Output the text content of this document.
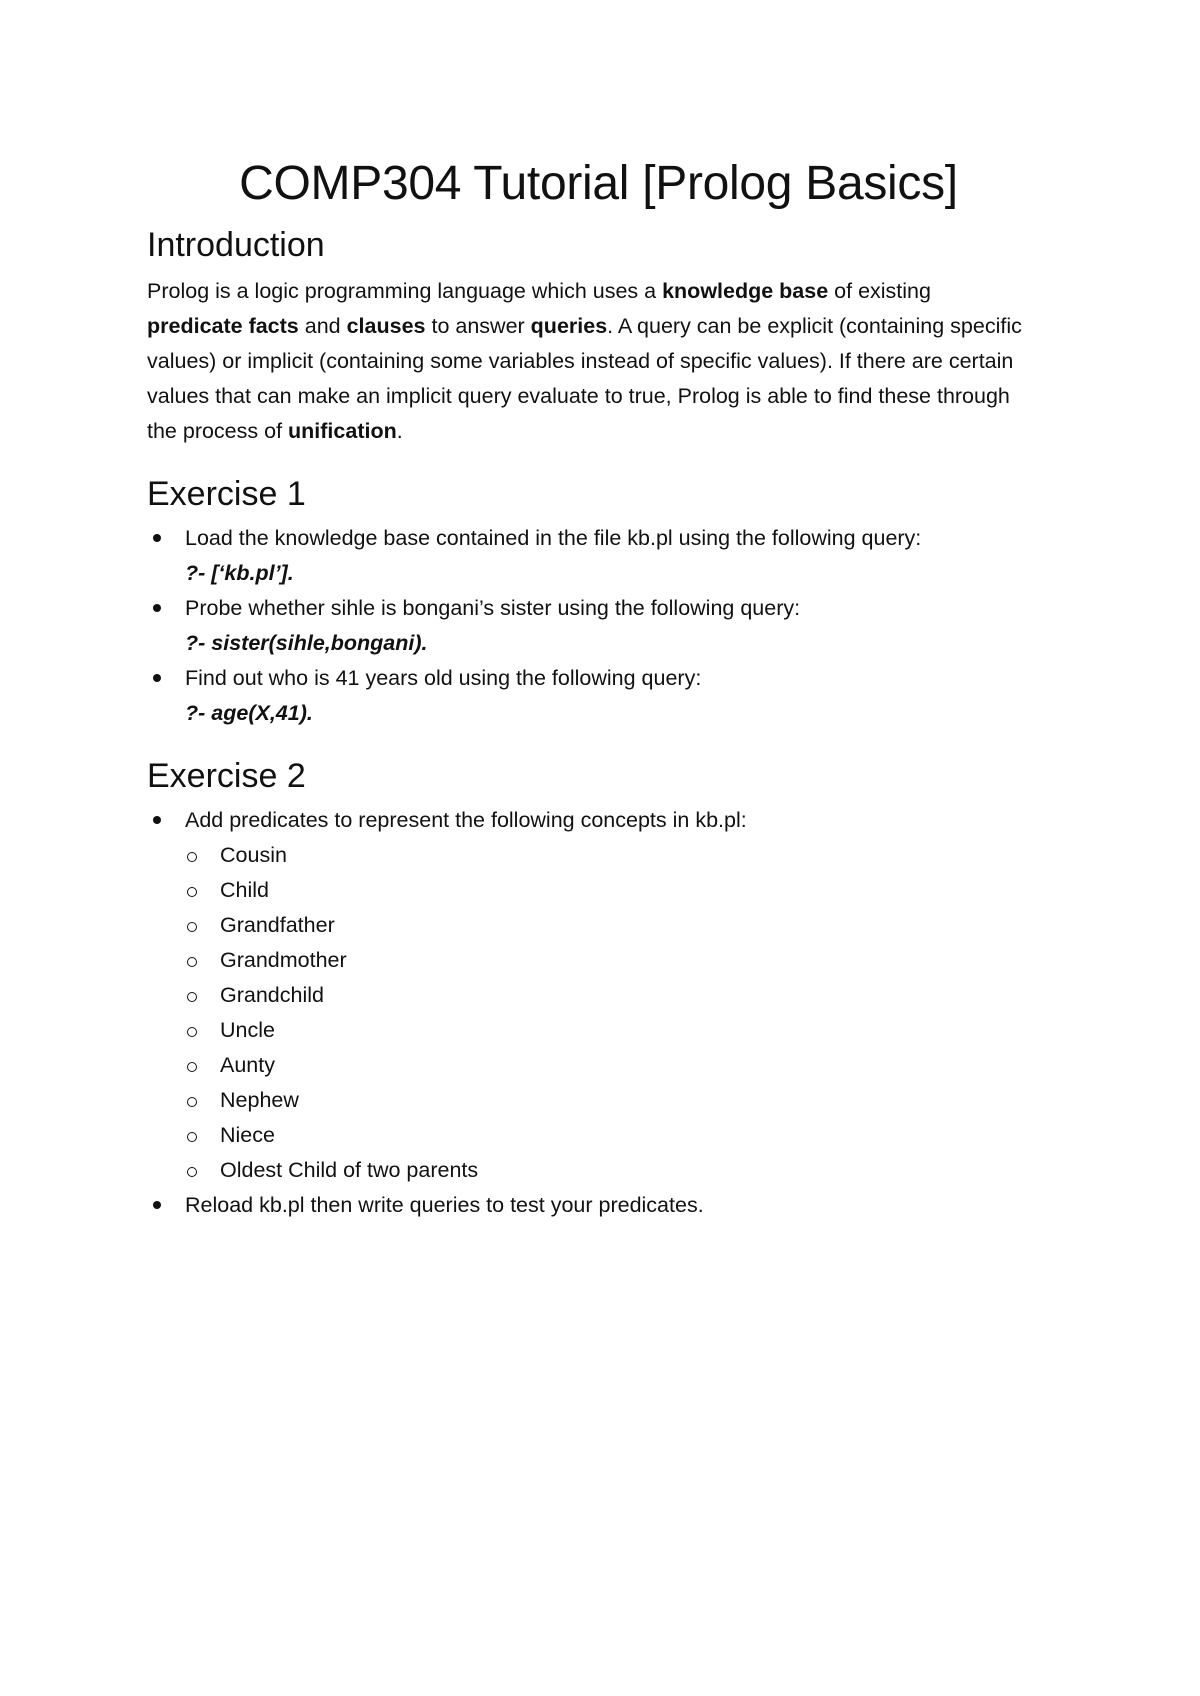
COMP304 Tutorial [Prolog Basics]
Introduction

Prolog is a logic programming language which uses a knowledge base of existing predicate facts and clauses to answer queries. A query can be explicit (containing specific values) or implicit (containing some variables instead of specific values). If there are certain values that can make an implicit query evaluate to true, Prolog is able to find these through the process of unification.

Exercise 1
Load the knowledge base contained in the file kb.pl using the following query:
?- [‘kb.pl’].
Probe whether sihle is bongani’s sister using the following query:
?- sister(sihle,bongani).
Find out who is 41 years old using the following query:
?- age(X,41).
Exercise 2
Add predicates to represent the following concepts in kb.pl:
Cousin
Child
Grandfather
Grandmother
Grandchild
Uncle
Aunty
Nephew
Niece
Oldest Child of two parents
Reload kb.pl then write queries to test your predicates.
